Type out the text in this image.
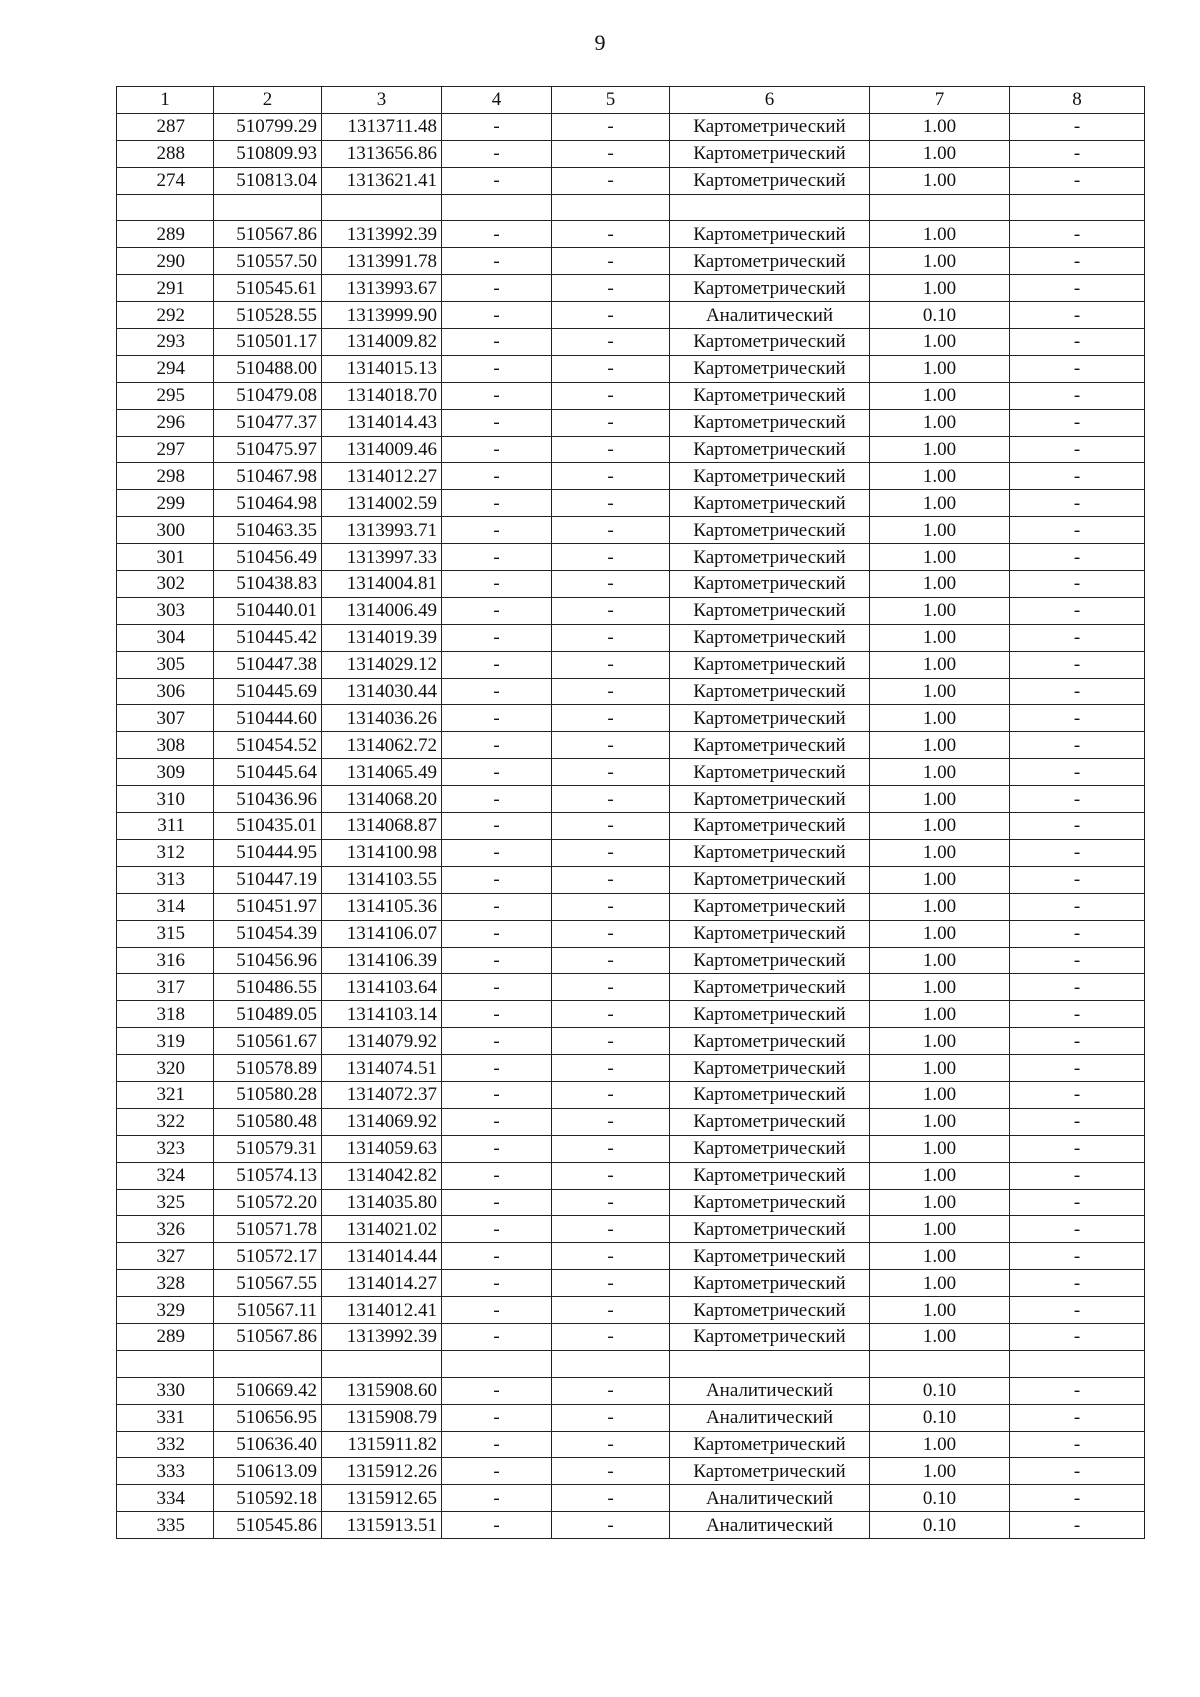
9
1	2	3	4	5	6	7	8
287	510799.29	1313711.48	-	-	Картометрический	1.00	-
288	510809.93	1313656.86	-	-	Картометрический	1.00	-
274	510813.04	1313621.41	-	-	Картометрический	1.00	-

289	510567.86	1313992.39	-	-	Картометрический	1.00	-
290	510557.50	1313991.78	-	-	Картометрический	1.00	-
291	510545.61	1313993.67	-	-	Картометрический	1.00	-
292	510528.55	1313999.90	-	-	Аналитический	0.10	-
293	510501.17	1314009.82	-	-	Картометрический	1.00	-
294	510488.00	1314015.13	-	-	Картометрический	1.00	-
295	510479.08	1314018.70	-	-	Картометрический	1.00	-
296	510477.37	1314014.43	-	-	Картометрический	1.00	-
297	510475.97	1314009.46	-	-	Картометрический	1.00	-
298	510467.98	1314012.27	-	-	Картометрический	1.00	-
299	510464.98	1314002.59	-	-	Картометрический	1.00	-
300	510463.35	1313993.71	-	-	Картометрический	1.00	-
301	510456.49	1313997.33	-	-	Картометрический	1.00	-
302	510438.83	1314004.81	-	-	Картометрический	1.00	-
303	510440.01	1314006.49	-	-	Картометрический	1.00	-
304	510445.42	1314019.39	-	-	Картометрический	1.00	-
305	510447.38	1314029.12	-	-	Картометрический	1.00	-
306	510445.69	1314030.44	-	-	Картометрический	1.00	-
307	510444.60	1314036.26	-	-	Картометрический	1.00	-
308	510454.52	1314062.72	-	-	Картометрический	1.00	-
309	510445.64	1314065.49	-	-	Картометрический	1.00	-
310	510436.96	1314068.20	-	-	Картометрический	1.00	-
311	510435.01	1314068.87	-	-	Картометрический	1.00	-
312	510444.95	1314100.98	-	-	Картометрический	1.00	-
313	510447.19	1314103.55	-	-	Картометрический	1.00	-
314	510451.97	1314105.36	-	-	Картометрический	1.00	-
315	510454.39	1314106.07	-	-	Картометрический	1.00	-
316	510456.96	1314106.39	-	-	Картометрический	1.00	-
317	510486.55	1314103.64	-	-	Картометрический	1.00	-
318	510489.05	1314103.14	-	-	Картометрический	1.00	-
319	510561.67	1314079.92	-	-	Картометрический	1.00	-
320	510578.89	1314074.51	-	-	Картометрический	1.00	-
321	510580.28	1314072.37	-	-	Картометрический	1.00	-
322	510580.48	1314069.92	-	-	Картометрический	1.00	-
323	510579.31	1314059.63	-	-	Картометрический	1.00	-
324	510574.13	1314042.82	-	-	Картометрический	1.00	-
325	510572.20	1314035.80	-	-	Картометрический	1.00	-
326	510571.78	1314021.02	-	-	Картометрический	1.00	-
327	510572.17	1314014.44	-	-	Картометрический	1.00	-
328	510567.55	1314014.27	-	-	Картометрический	1.00	-
329	510567.11	1314012.41	-	-	Картометрический	1.00	-
289	510567.86	1313992.39	-	-	Картометрический	1.00	-

330	510669.42	1315908.60	-	-	Аналитический	0.10	-
331	510656.95	1315908.79	-	-	Аналитический	0.10	-
332	510636.40	1315911.82	-	-	Картометрический	1.00	-
333	510613.09	1315912.26	-	-	Картометрический	1.00	-
334	510592.18	1315912.65	-	-	Аналитический	0.10	-
335	510545.86	1315913.51	-	-	Аналитический	0.10	-
